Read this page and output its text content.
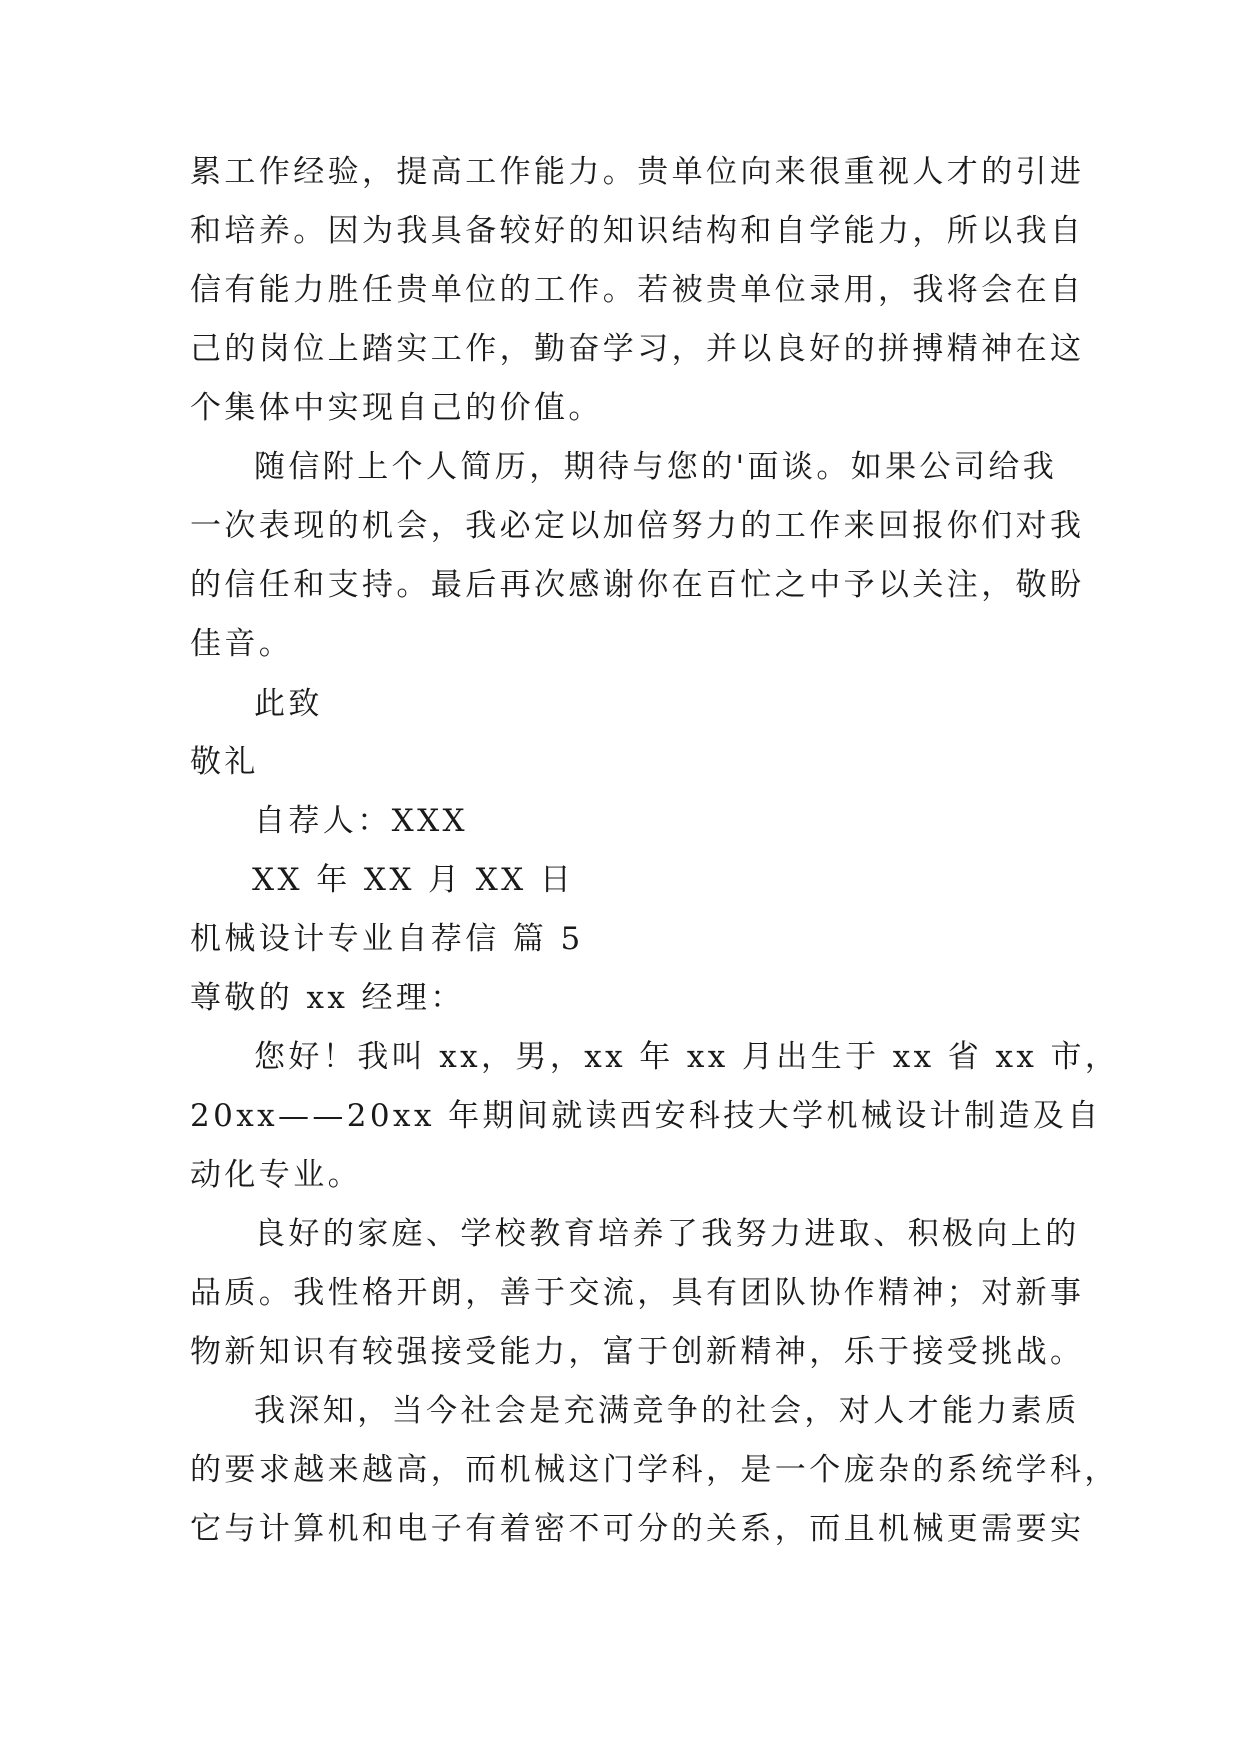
累工作经验，提高工作能力。贵单位向来很重视人才的引进
和培养。因为我具备较好的知识结构和自学能力，所以我自
信有能力胜任贵单位的工作。若被贵单位录用，我将会在自
己的岗位上踏实工作，勤奋学习，并以良好的拼搏精神在这
个集体中实现自己的价值。
随信附上个人简历，期待与您的'面谈。如果公司给我
一次表现的机会，我必定以加倍努力的工作来回报你们对我
的信任和支持。最后再次感谢你在百忙之中予以关注，敬盼
佳音。
此致
敬礼
自荐人：XXX
XX 年 XX 月 XX 日
机械设计专业自荐信 篇 5
尊敬的 xx 经理：
您好！我叫 xx，男，xx 年 xx 月出生于 xx 省 xx 市，
20xx——20xx 年期间就读西安科技大学机械设计制造及自
动化专业。
良好的家庭、学校教育培养了我努力进取、积极向上的
品质。我性格开朗，善于交流，具有团队协作精神；对新事
物新知识有较强接受能力，富于创新精神，乐于接受挑战。
我深知，当今社会是充满竞争的社会，对人才能力素质
的要求越来越高，而机械这门学科，是一个庞杂的系统学科，
它与计算机和电子有着密不可分的关系，而且机械更需要实
